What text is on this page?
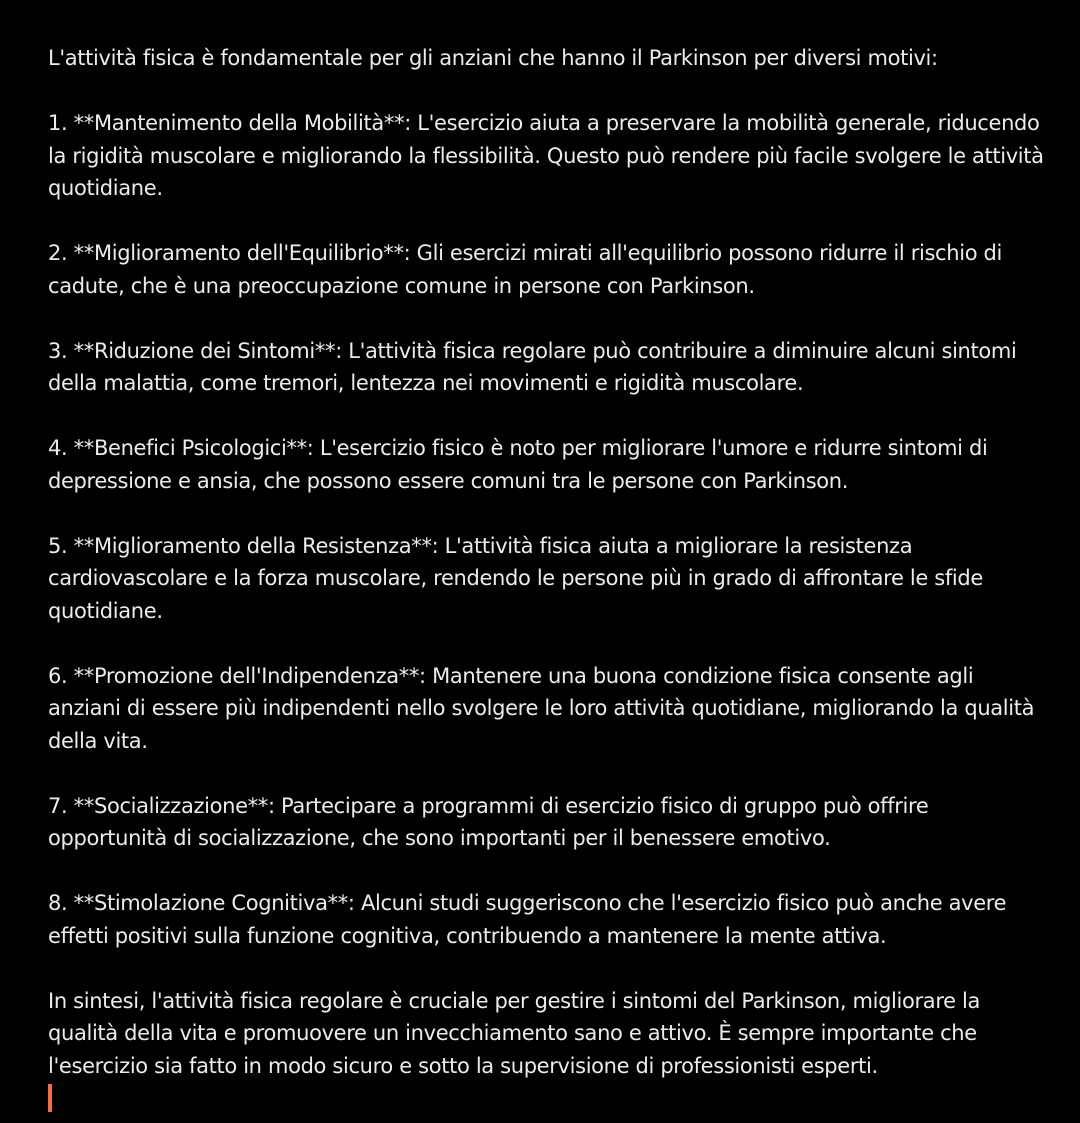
L'attività fisica è fondamentale per gli anziani che hanno il Parkinson per diversi motivi:

1. **Mantenimento della Mobilità**: L'esercizio aiuta a preservare la mobilità generale, riducendo la rigidità muscolare e migliorando la flessibilità. Questo può rendere più facile svolgere le attività quotidiane.

2. **Miglioramento dell'Equilibrio**: Gli esercizi mirati all'equilibrio possono ridurre il rischio di cadute, che è una preoccupazione comune in persone con Parkinson.

3. **Riduzione dei Sintomi**: L'attività fisica regolare può contribuire a diminuire alcuni sintomi della malattia, come tremori, lentezza nei movimenti e rigidità muscolare.

4. **Benefici Psicologici**: L'esercizio fisico è noto per migliorare l'umore e ridurre sintomi di depressione e ansia, che possono essere comuni tra le persone con Parkinson.

5. **Miglioramento della Resistenza**: L'attività fisica aiuta a migliorare la resistenza cardiovascolare e la forza muscolare, rendendo le persone più in grado di affrontare le sfide quotidiane.

6. **Promozione dell'Indipendenza**: Mantenere una buona condizione fisica consente agli anziani di essere più indipendenti nello svolgere le loro attività quotidiane, migliorando la qualità della vita.

7. **Socializzazione**: Partecipare a programmi di esercizio fisico di gruppo può offrire opportunità di socializzazione, che sono importanti per il benessere emotivo.

8. **Stimolazione Cognitiva**: Alcuni studi suggeriscono che l'esercizio fisico può anche avere effetti positivi sulla funzione cognitiva, contribuendo a mantenere la mente attiva.

In sintesi, l'attività fisica regolare è cruciale per gestire i sintomi del Parkinson, migliorare la qualità della vita e promuovere un invecchiamento sano e attivo. È sempre importante che l'esercizio sia fatto in modo sicuro e sotto la supervisione di professionisti esperti.
